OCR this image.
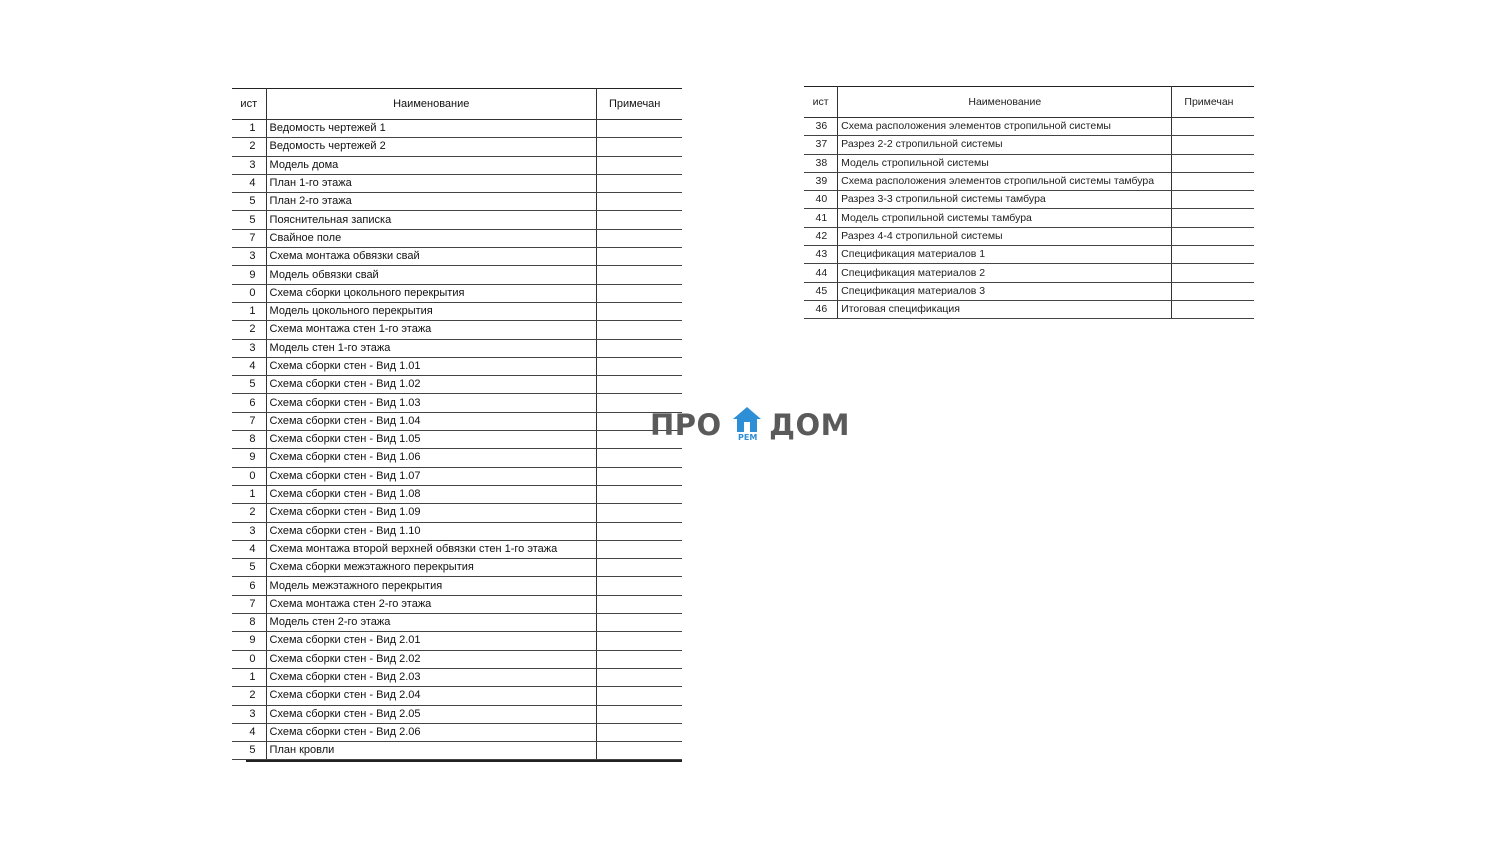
ист	Наименование	Примечан
1	Ведомость чертежей 1	
2	Ведомость чертежей 2	
3	Модель дома	
4	План 1-го этажа	
5	План 2-го этажа	
5	Пояснительная записка	
7	Свайное поле	
3	Схема монтажа обвязки свай	
9	Модель обвязки свай	
0	Схема сборки цокольного перекрытия	
1	Модель цокольного перекрытия	
2	Схема монтажа стен 1-го этажа	
3	Модель стен 1-го этажа	
4	Схема сборки стен - Вид 1.01	
5	Схема сборки стен - Вид 1.02	
6	Схема сборки стен - Вид 1.03	
7	Схема сборки стен - Вид 1.04	
8	Схема сборки стен - Вид 1.05	
9	Схема сборки стен - Вид 1.06	
0	Схема сборки стен - Вид 1.07	
1	Схема сборки стен - Вид 1.08	
2	Схема сборки стен - Вид 1.09	
3	Схема сборки стен - Вид 1.10	
4	Схема монтажа второй верхней обвязки стен 1-го этажа	
5	Схема сборки межэтажного перекрытия	
6	Модель межэтажного перекрытия	
7	Схема монтажа стен 2-го этажа	
8	Модель стен 2-го этажа	
9	Схема сборки стен - Вид 2.01	
0	Схема сборки стен - Вид 2.02	
1	Схема сборки стен - Вид 2.03	
2	Схема сборки стен - Вид 2.04	
3	Схема сборки стен - Вид 2.05	
4	Схема сборки стен - Вид 2.06	
5	План кровли	
ист	Наименование	Примечан
36	Схема расположения элементов стропильной системы	
37	Разрез 2-2 стропильной системы	
38	Модель стропильной системы	
39	Схема расположения элементов стропильной системы тамбура	
40	Разрез 3-3 стропильной системы тамбура	
41	Модель стропильной системы тамбура	
42	Разрез 4-4 стропильной системы	
43	Спецификация материалов 1	
44	Спецификация материалов 2	
45	Спецификация материалов 3	
46	Итоговая спецификация	
ПРО	РЕМ ДОМ
